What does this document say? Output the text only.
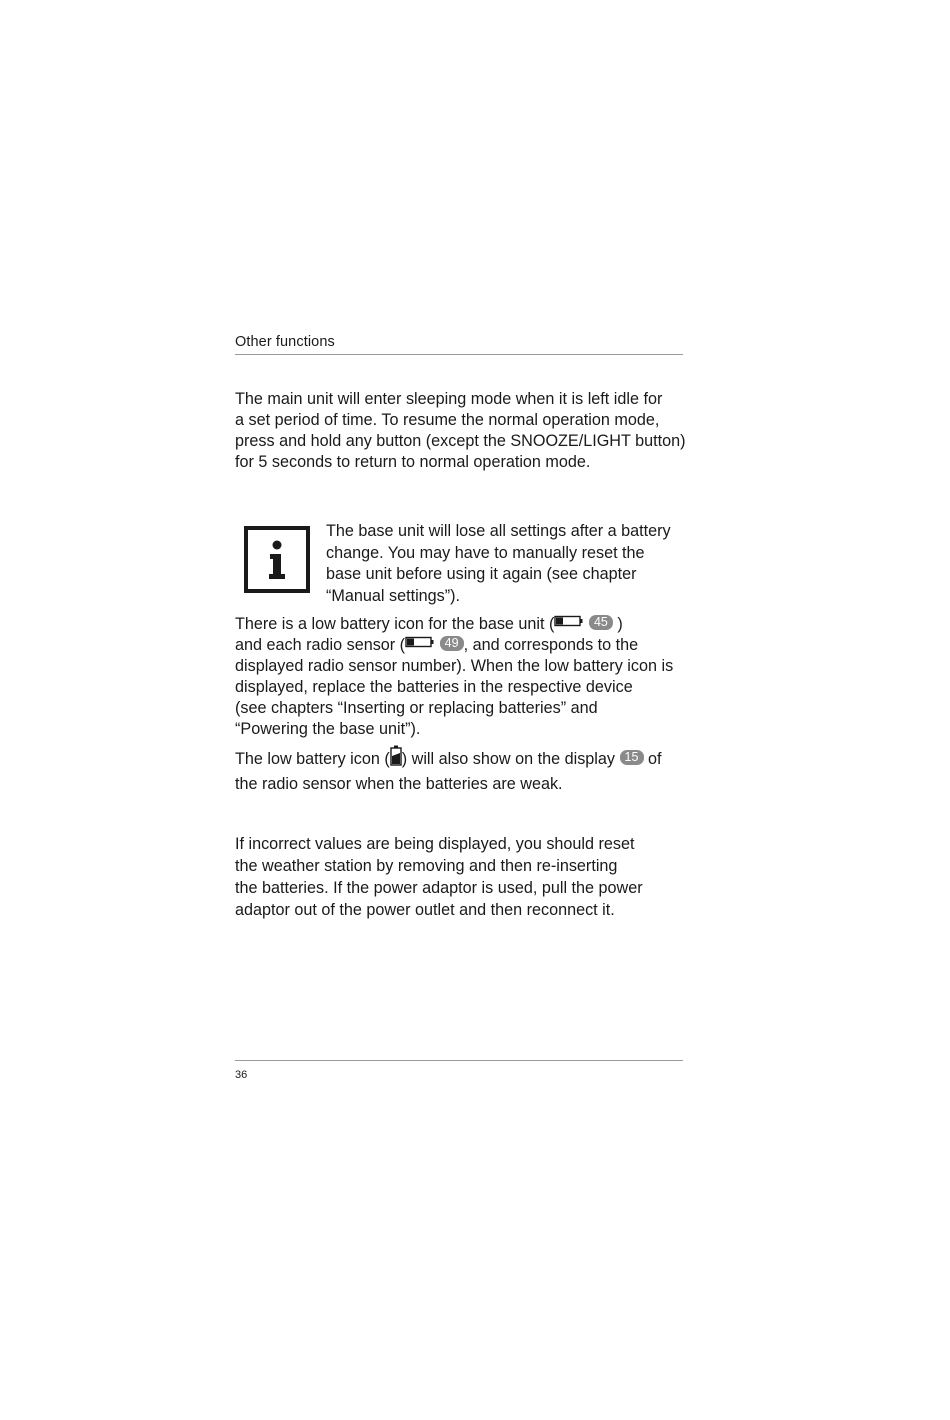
Other functions

The main unit will enter sleeping mode when it is left idle for
a set period of time. To resume the normal operation mode,
press and hold any button (except the SNOOZE/LIGHT button)
for 5 seconds to return to normal operation mode.

The base unit will lose all settings after a battery
change. You may have to manually reset the
base unit before using it again (see chapter
“Manual settings”).

There is a low battery icon for the base unit (	45 )
and each radio sensor (	49 , and corresponds to the
displayed radio sensor number). When the low battery icon is
displayed, replace the batteries in the respective device
(see chapters “Inserting or replacing batteries” and
“Powering the base unit”).

The low battery icon ( ) will also show on the display 15 of
the radio sensor when the batteries are weak.

If incorrect values are being displayed, you should reset
the weather station by removing and then re-inserting
the batteries. If the power adaptor is used, pull the power
adaptor out of the power outlet and then reconnect it.

36
